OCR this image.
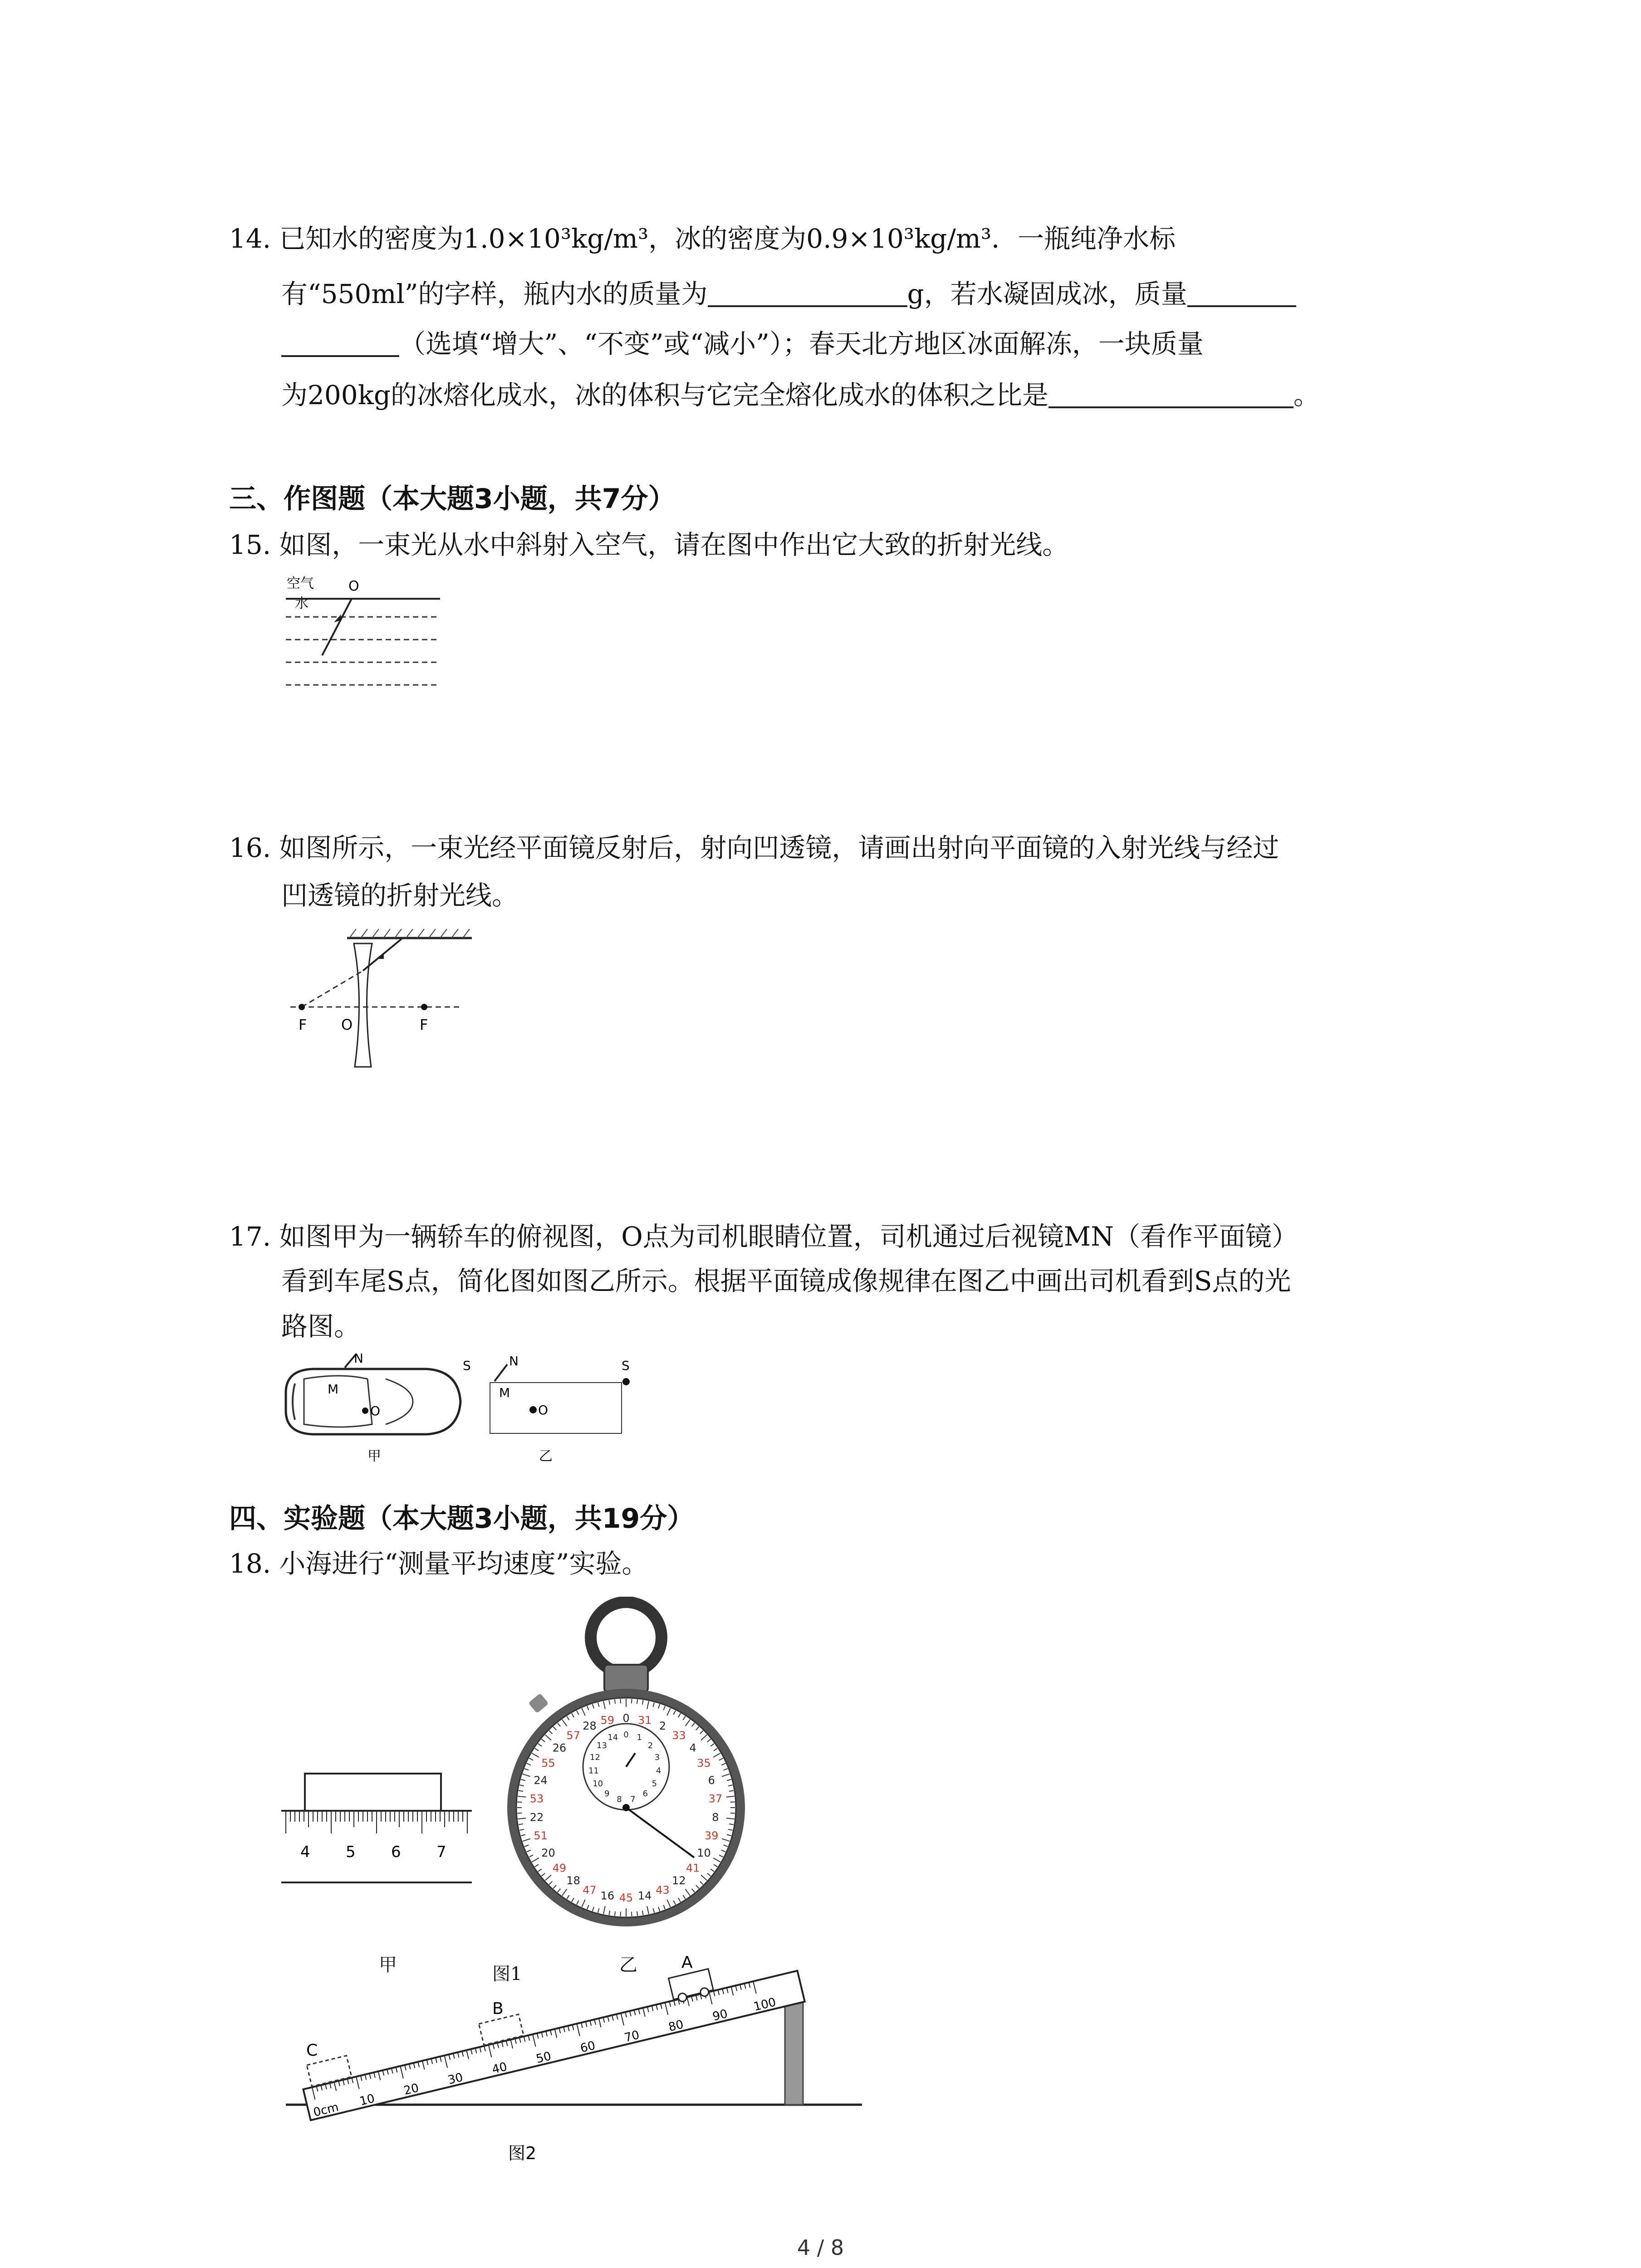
14. 已知水的密度为1.0×10³kg/m³，冰的密度为0.9×10³kg/m³．一瓶纯净水标
有“550ml”的字样，瓶内水的质量为	g，若水凝固成冰，质量
（选填“增大”、“不变”或“减小”）；春天北方地区冰面解冻，一块质量
为200kg的冰熔化成水，冰的体积与它完全熔化成水的体积之比是	。
三、作图题（本大题3小题，共7分）
15. 如图，一束光从水中斜射入空气，请在图中作出它大致的折射光线。
空气
水
O
16. 如图所示，一束光经平面镜反射后，射向凹透镜，请画出射向平面镜的入射光线与经过
凹透镜的折射光线。
F O	F
17. 如图甲为一辆轿车的俯视图，O点为司机眼睛位置，司机通过后视镜MN（看作平面镜）
看到车尾S点，简化图如图乙所示。根据平面镜成像规律在图乙中画出司机看到S点的光
路图。
N
M
O
S
甲
N
M
O
S
乙
四、实验题（本大题3小题，共19分）
18. 小海进行“测量平均速度”实验。
4 5 6 7
0 31 2
33
4
35
6
37
8
39
10
41
12
43
14
45
16
47
18
49
20
51
22
53
24
55
26
57
28 59
0 1
2
3
4
5
6
7
8
9
10
11
12
13
14
甲	图1	乙
0cm
10
20
30
40
50
60
70
80
90
100
C
B
A
图2
4 / 8
